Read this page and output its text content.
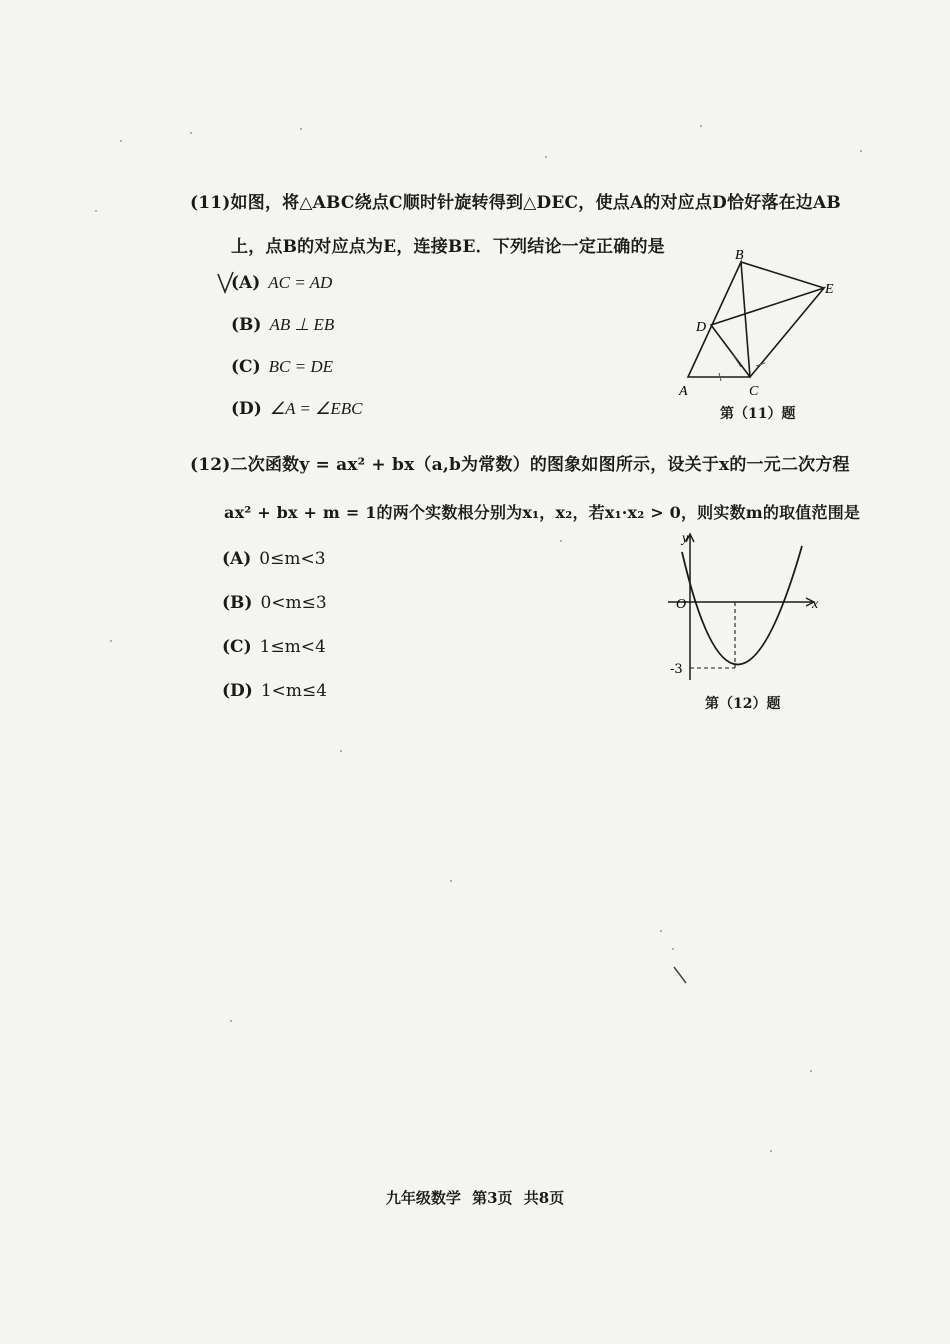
(11)如图，将△ABC绕点C顺时针旋转得到△DEC，使点A的对应点D恰好落在边AB
上，点B的对应点为E，连接BE．下列结论一定正确的是
(A) AC = AD
(B) AB ⊥ EB
(C) BC = DE
(D) ∠A = ∠EBC
A
B
C
D
E
第（11）题
(12)二次函数y = ax² + bx（a,b为常数）的图象如图所示，设关于x的一元二次方程
ax² + bx + m = 1的两个实数根分别为x₁，x₂，若x₁·x₂ > 0，则实数m的取值范围是
(A) 0≤m<3
(B) 0<m≤3
(C) 1≤m<4
(D) 1<m≤4
y
x
O
-3
第（12）题
九年级数学 第3页 共8页
